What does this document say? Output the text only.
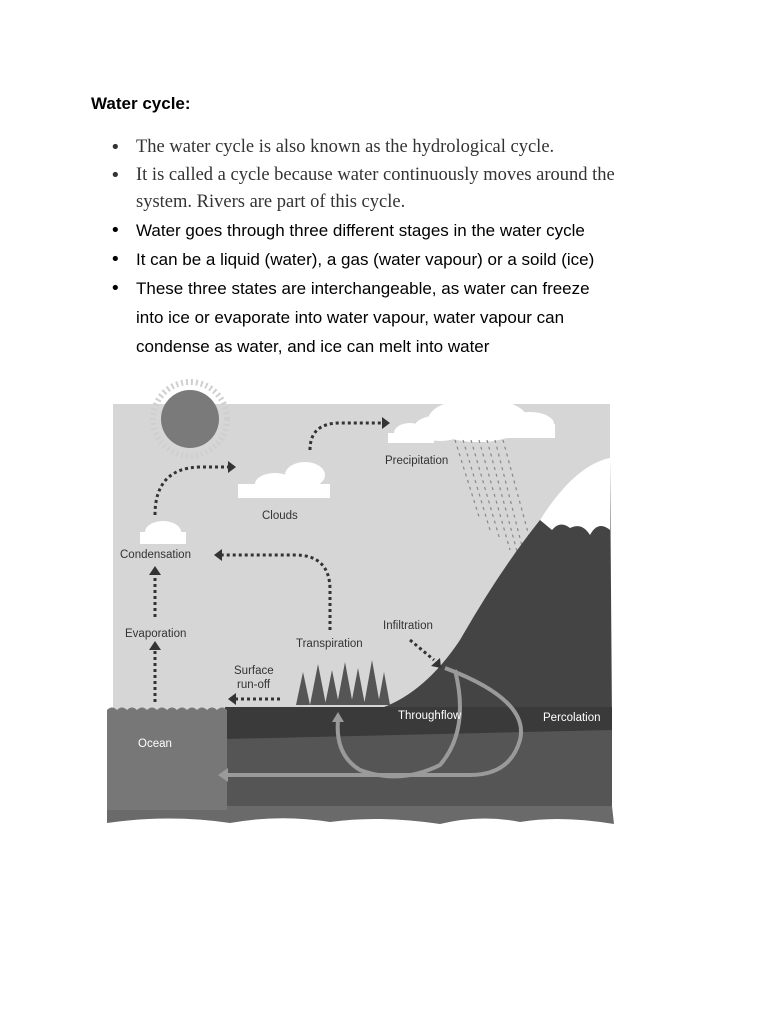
Water cycle:
• The water cycle is also known as the hydrological cycle.
• It is called a cycle because water continuously moves around the system. Rivers are part of this cycle.
• Water goes through three different stages in the water cycle
• It can be a liquid (water), a gas (water vapour) or a soild (ice)
• These three states are interchangeable, as water can freeze into ice or evaporate into water vapour, water vapour can condense as water, and ice can melt into water
Precipitation
Clouds
Condensation
Evaporation
Transpiration
Infiltration
Surface
run-off
Throughflow	Percolation
Ocean
